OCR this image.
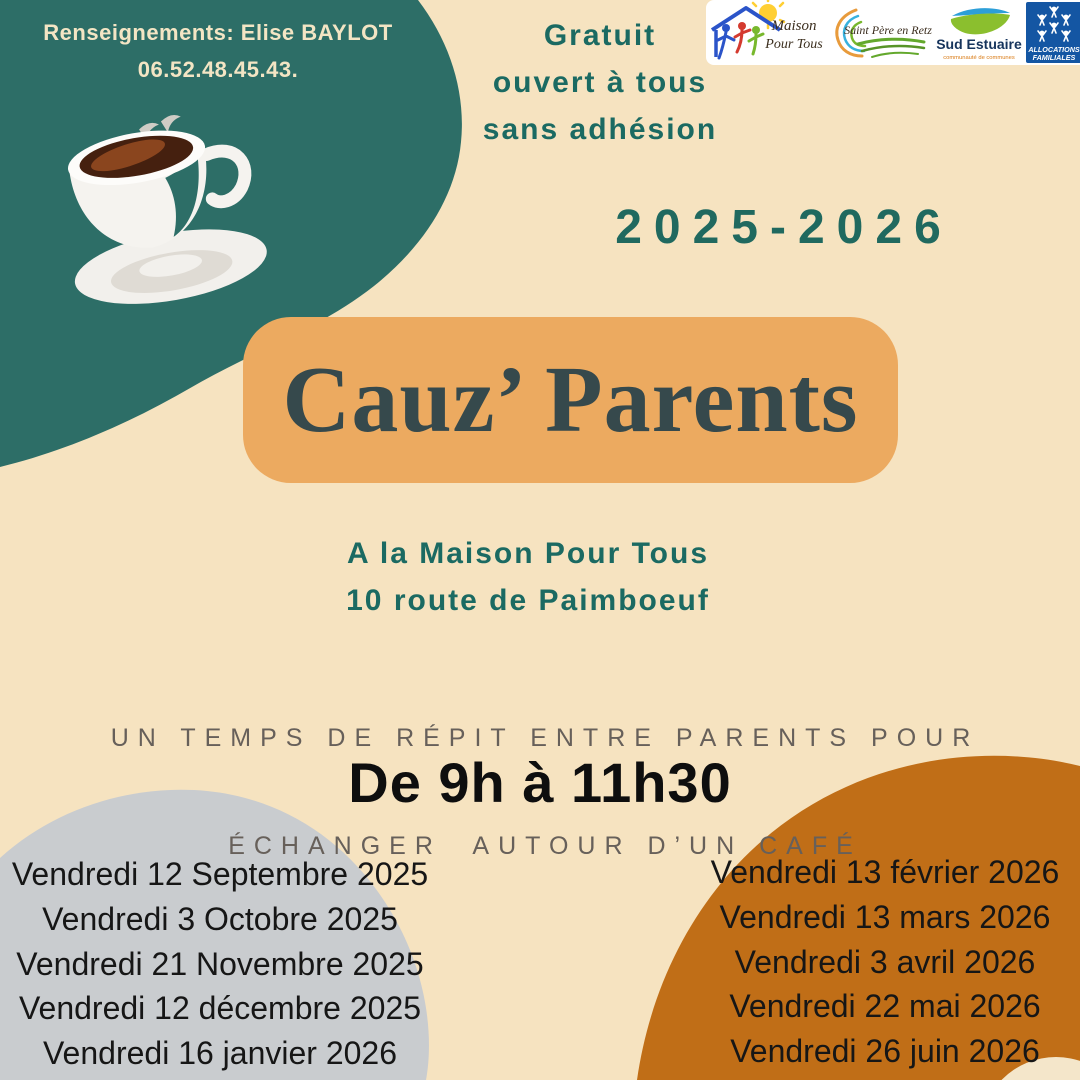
Renseignements: Elise BAYLOT
06.52.48.45.43.
Gratuit
ouvert à tous
sans adhésion
Maison
Pour Tous
Saint Père en Retz
Sud Estuaire
communauté de communes
ALLOCATIONS
FAMILIALES
2025-2026
Cauz’ Parents
A la Maison Pour Tous
10 route de Paimboeuf

UN TEMPS DE RÉPIT ENTRE PARENTS POUR

ÉCHANGER  AUTOUR D’UN CAFÉ

De 9h à 11h30
Vendredi 12 Septembre 2025
Vendredi 3 Octobre 2025
Vendredi 21 Novembre 2025
Vendredi 12 décembre 2025
Vendredi 16 janvier 2026
Vendredi 13 février 2026
Vendredi 13 mars 2026
Vendredi 3 avril 2026
Vendredi 22 mai 2026
Vendredi 26 juin 2026
